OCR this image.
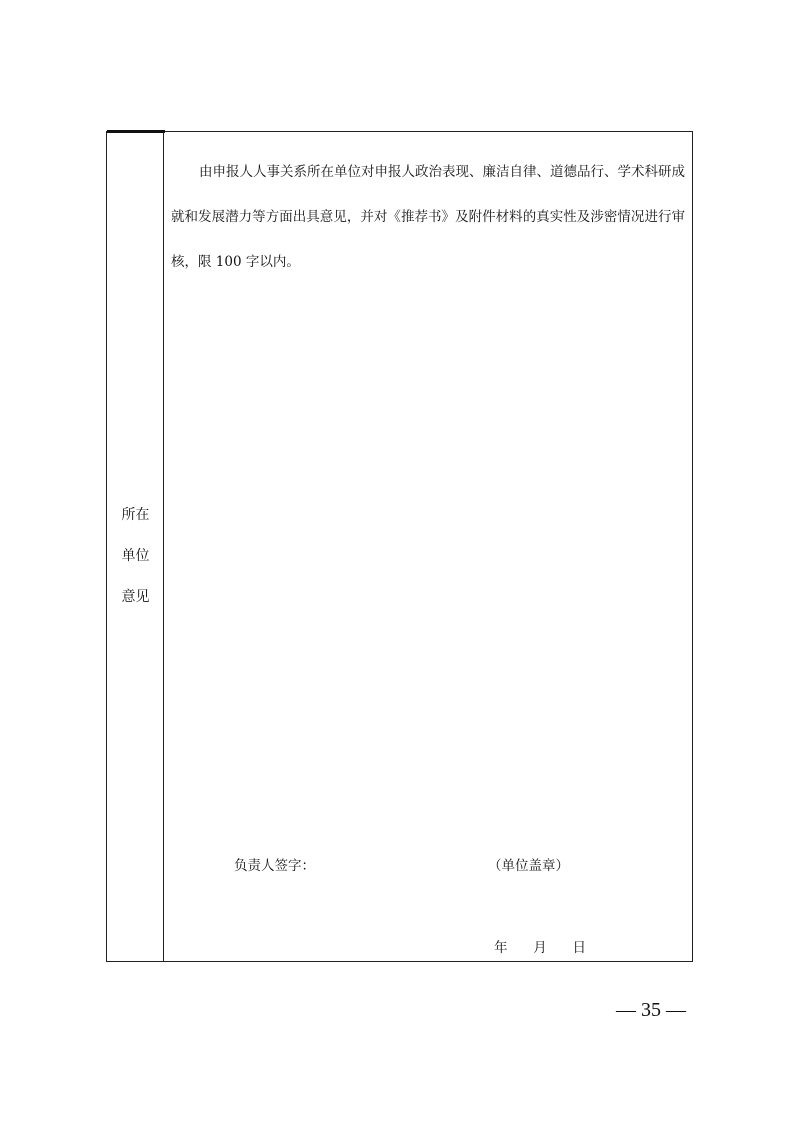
所在
单位
意见

由申报人人事关系所在单位对申报人政治表现、廉洁自律、道德品行、学术科研成就和发展潜力等方面出具意见，并对《推荐书》及附件材料的真实性及涉密情况进行审核，限 100 字以内。

负责人签字：	（单位盖章）
年      月      日
— 35 —
